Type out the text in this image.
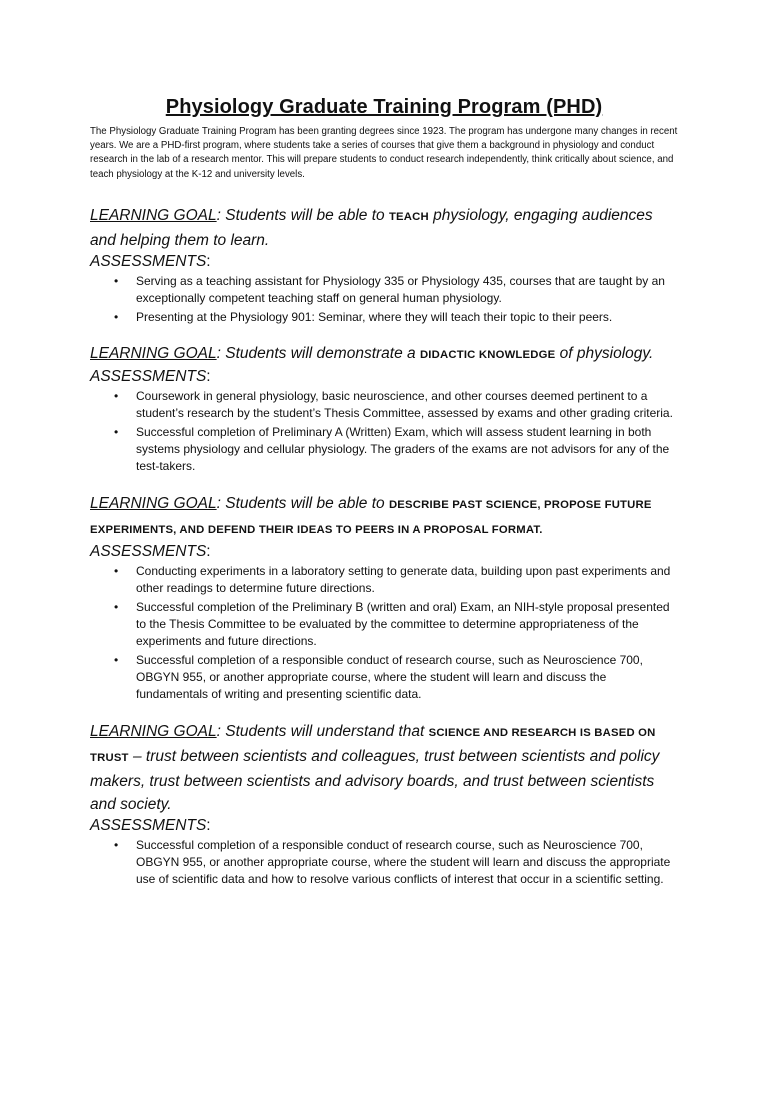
Physiology Graduate Training Program (PHD)

The Physiology Graduate Training Program has been granting degrees since 1923. The program has undergone many changes in recent years. We are a PHD-first program, where students take a series of courses that give them a background in physiology and conduct research in the lab of a research mentor. This will prepare students to conduct research independently, think critically about science, and teach physiology at the K-12 and university levels.

LEARNING GOAL: Students will be able to TEACH physiology, engaging audiences and helping them to learn.

ASSESSMENTS:

• Serving as a teaching assistant for Physiology 335 or Physiology 435, courses that are taught by an exceptionally competent teaching staff on general human physiology.
• Presenting at the Physiology 901: Seminar, where they will teach their topic to their peers.

LEARNING GOAL: Students will demonstrate a DIDACTIC KNOWLEDGE of physiology.

ASSESSMENTS:

• Coursework in general physiology, basic neuroscience, and other courses deemed pertinent to a student’s research by the student’s Thesis Committee, assessed by exams and other grading criteria.
• Successful completion of Preliminary A (Written) Exam, which will assess student learning in both systems physiology and cellular physiology. The graders of the exams are not advisors for any of the test-takers.

LEARNING GOAL: Students will be able to DESCRIBE PAST SCIENCE, PROPOSE FUTURE EXPERIMENTS, AND DEFEND THEIR IDEAS TO PEERS IN A PROPOSAL FORMAT.

ASSESSMENTS:

• Conducting experiments in a laboratory setting to generate data, building upon past experiments and other readings to determine future directions.
• Successful completion of the Preliminary B (written and oral) Exam, an NIH-style proposal presented to the Thesis Committee to be evaluated by the committee to determine appropriateness of the experiments and future directions.
• Successful completion of a responsible conduct of research course, such as Neuroscience 700, OBGYN 955, or another appropriate course, where the student will learn and discuss the fundamentals of writing and presenting scientific data.

LEARNING GOAL: Students will understand that SCIENCE AND RESEARCH IS BASED ON TRUST – trust between scientists and colleagues, trust between scientists and policy makers, trust between scientists and advisory boards, and trust between scientists and society.

ASSESSMENTS:

• Successful completion of a responsible conduct of research course, such as Neuroscience 700, OBGYN 955, or another appropriate course, where the student will learn and discuss the appropriate use of scientific data and how to resolve various conflicts of interest that occur in a scientific setting.
